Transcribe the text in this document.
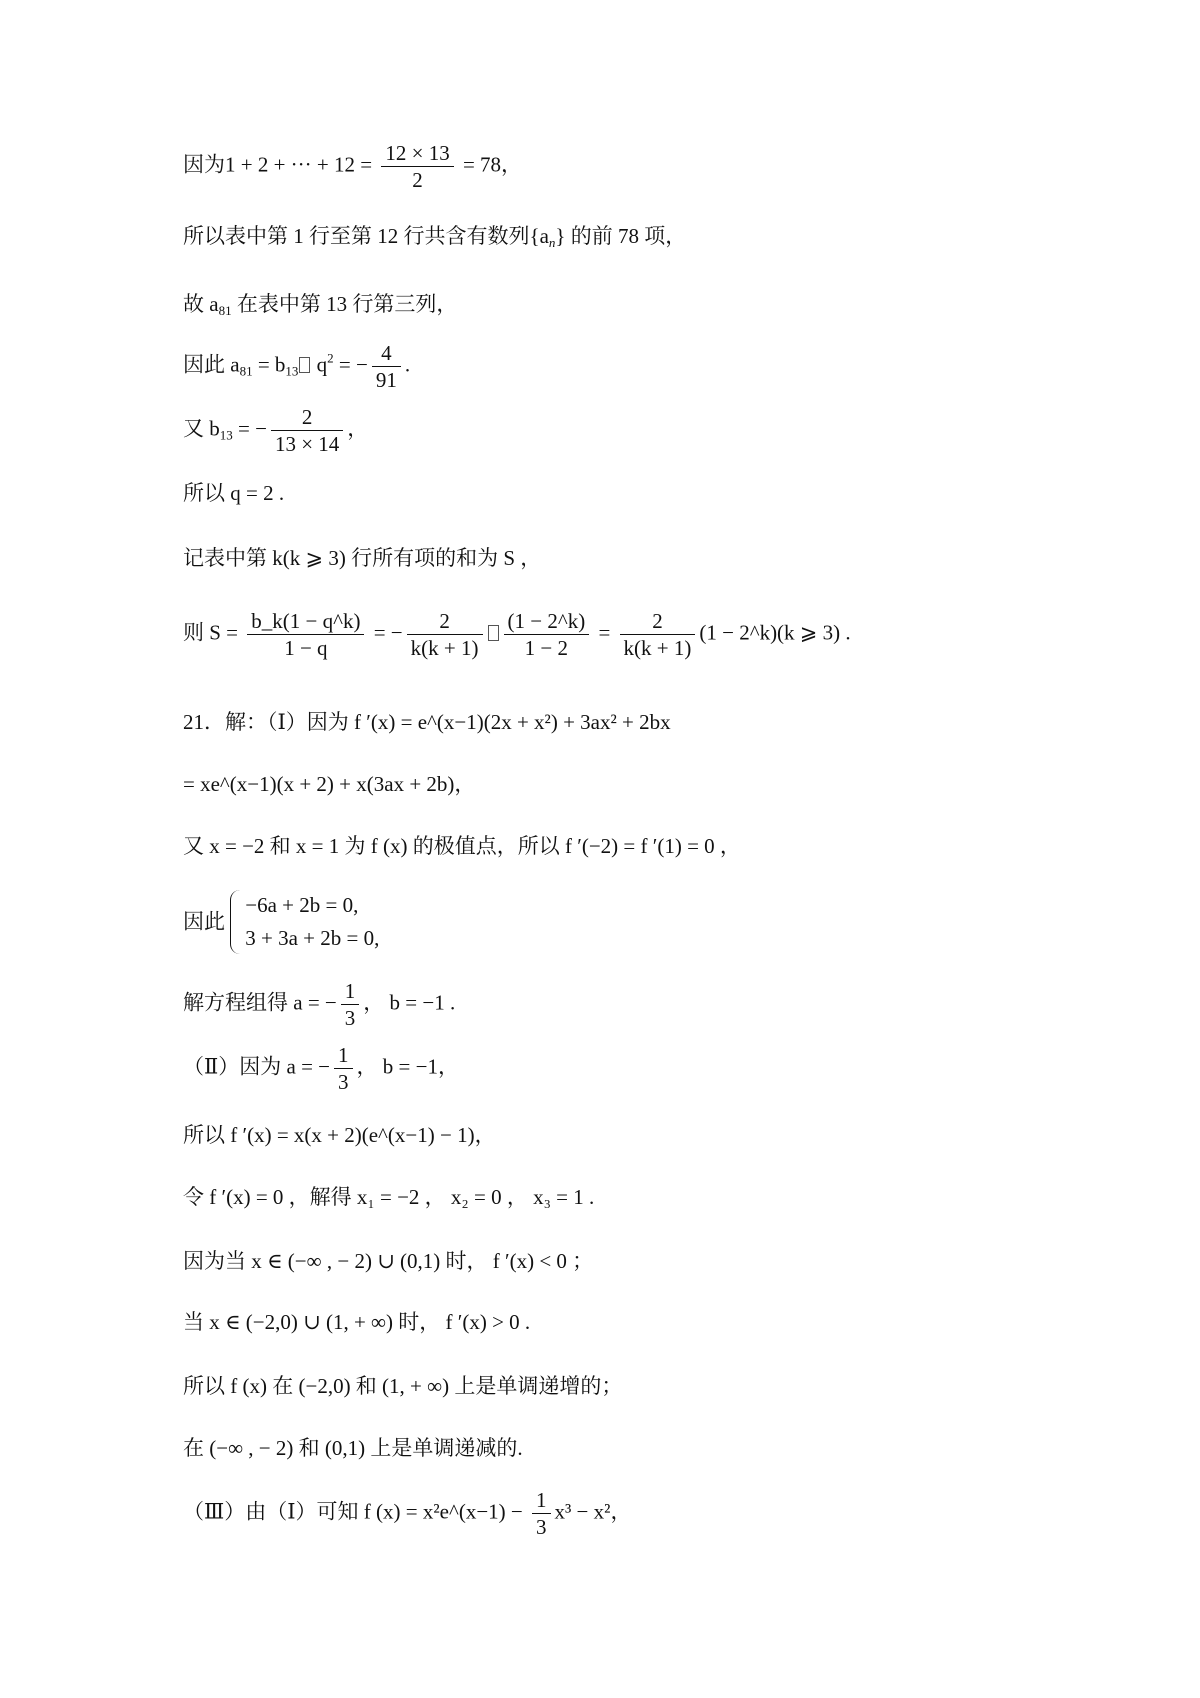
因为1 + 2 + ··· + $12 = \frac{12 \times 13}{2} = 78$，
所以表中第 1 行至第 12 行共含有数列$\{a_n\}$ 的前 78 项，
故 $a_{81}$ 在表中第 13 行第三列，
因此 $a_{81} = b_{13}$ $q^2$ = − $\frac{4}{91}$ .
又 $b_{13}$ = − $\frac{2}{13 \times 14}$ ，
所以 q = 2 .
记表中第 k(k ⩾ 3) 行所有项的和为 S ，
则 $S = \frac{b\_k(1 - q\^{}k)}{1 - q}$ = − $\frac{2}{k(k + 1)} \frac{(1 - 2\^{}k)}{1 - 2} = \frac{2}{k(k + 1)} (1$ − 2^k)(k ⩾ 3) .
21．解：（Ⅰ）因为 f ′(x) = e^(x−1)(2x + x²) + 3ax² + 2bx
= xe^(x−1)(x + 2) + x(3ax + 2b)，
又 x = −2 和 x = 1 为 f (x) 的极值点，所以 f ′(−2) = f ′(1) = 0 ，
因此
−6a + 2b = 0,
3 + 3a + 2b = 0,
解方程组得 a = − $\frac{1}{3}$ ， b = −1 .
（Ⅱ）因为 a = − $\frac{1}{3}$ ， b = −1，
所以 f ′(x) = x(x + 2)(e^(x−1) − 1)，
令 f ′(x) = 0 ，解得 x₁ = −2 ， x₂ = 0 ， x₃ = 1 .
因为当 x ∈ (−∞ , − 2) ∪ (0,1) 时， f ′(x) < 0 ；
当 x ∈ (−2,0) ∪ (1, + ∞) 时， f ′(x) > 0 .
所以 f (x) 在 (−2,0) 和 (1, + ∞) 上是单调递增的；
在 (−∞ , − 2) 和 (0,1) 上是单调递减的.
（Ⅲ）由（Ⅰ）可知 f (x) = x²e^(x−1) − $\frac{1}{3} x^3 - x^2$，
